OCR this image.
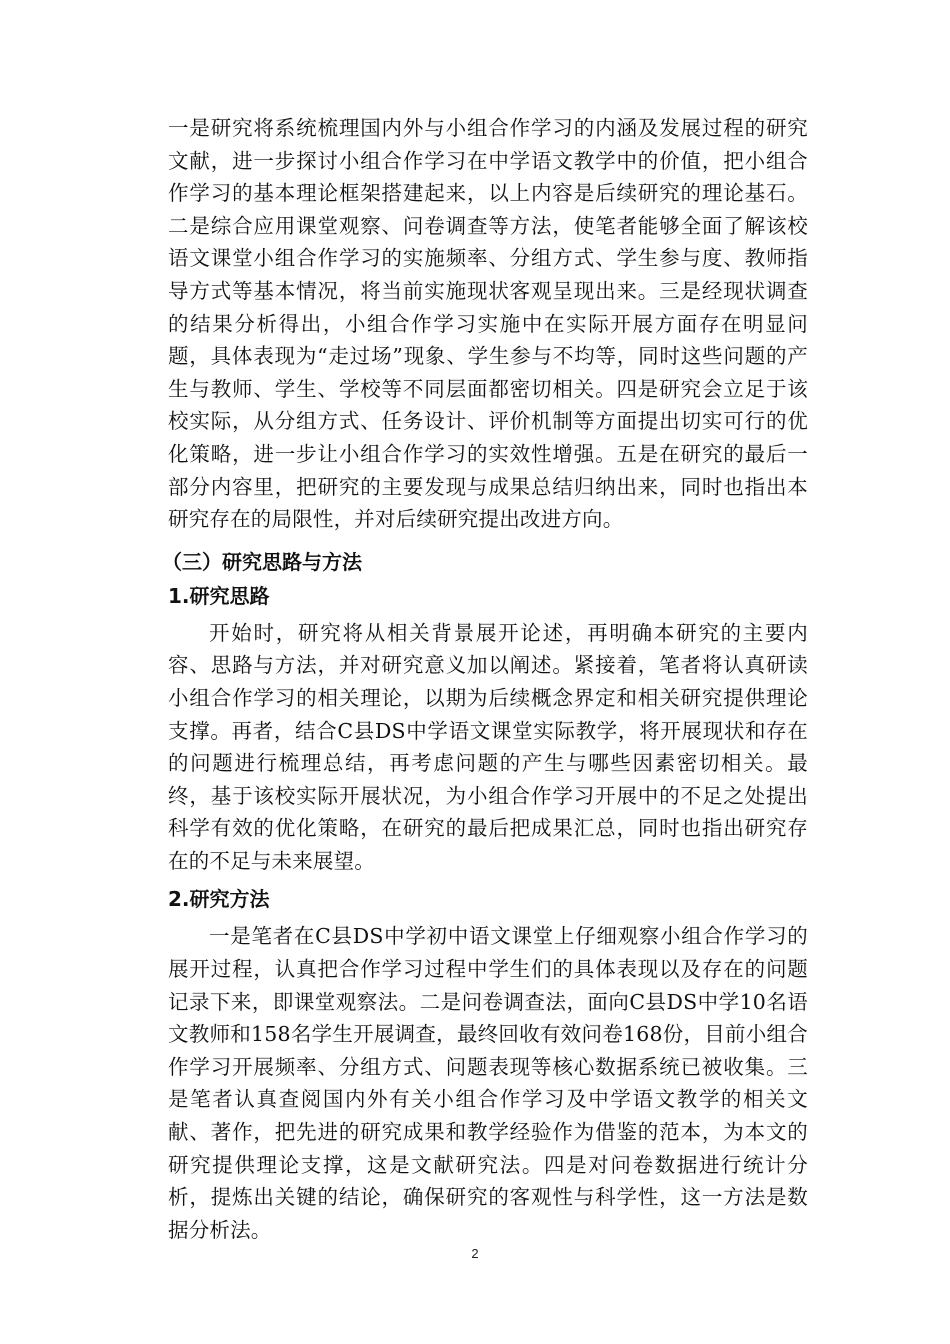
一是研究将系统梳理国内外与小组合作学习的内涵及发展过程的研究文献，进一步探讨小组合作学习在中学语文教学中的价值，把小组合作学习的基本理论框架搭建起来，以上内容是后续研究的理论基石。二是综合应用课堂观察、问卷调查等方法，使笔者能够全面了解该校语文课堂小组合作学习的实施频率、分组方式、学生参与度、教师指导方式等基本情况，将当前实施现状客观呈现出来。三是经现状调查的结果分析得出，小组合作学习实施中在实际开展方面存在明显问题，具体表现为“走过场”现象、学生参与不均等，同时这些问题的产生与教师、学生、学校等不同层面都密切相关。四是研究会立足于该校实际，从分组方式、任务设计、评价机制等方面提出切实可行的优化策略，进一步让小组合作学习的实效性增强。五是在研究的最后一部分内容里，把研究的主要发现与成果总结归纳出来，同时也指出本研究存在的局限性，并对后续研究提出改进方向。

（三）研究思路与方法

1.研究思路

开始时，研究将从相关背景展开论述，再明确本研究的主要内容、思路与方法，并对研究意义加以阐述。紧接着，笔者将认真研读小组合作学习的相关理论，以期为后续概念界定和相关研究提供理论支撑。再者，结合C县DS中学语文课堂实际教学，将开展现状和存在的问题进行梳理总结，再考虑问题的产生与哪些因素密切相关。最终，基于该校实际开展状况，为小组合作学习开展中的不足之处提出科学有效的优化策略，在研究的最后把成果汇总，同时也指出研究存在的不足与未来展望。

2.研究方法

一是笔者在C县DS中学初中语文课堂上仔细观察小组合作学习的展开过程，认真把合作学习过程中学生们的具体表现以及存在的问题记录下来，即课堂观察法。二是问卷调查法，面向C县DS中学10名语文教师和158名学生开展调查，最终回收有效问卷168份，目前小组合作学习开展频率、分组方式、问题表现等核心数据系统已被收集。三是笔者认真查阅国内外有关小组合作学习及中学语文教学的相关文献、著作，把先进的研究成果和教学经验作为借鉴的范本，为本文的研究提供理论支撑，这是文献研究法。四是对问卷数据进行统计分析，提炼出关键的结论，确保研究的客观性与科学性，这一方法是数据分析法。

2
